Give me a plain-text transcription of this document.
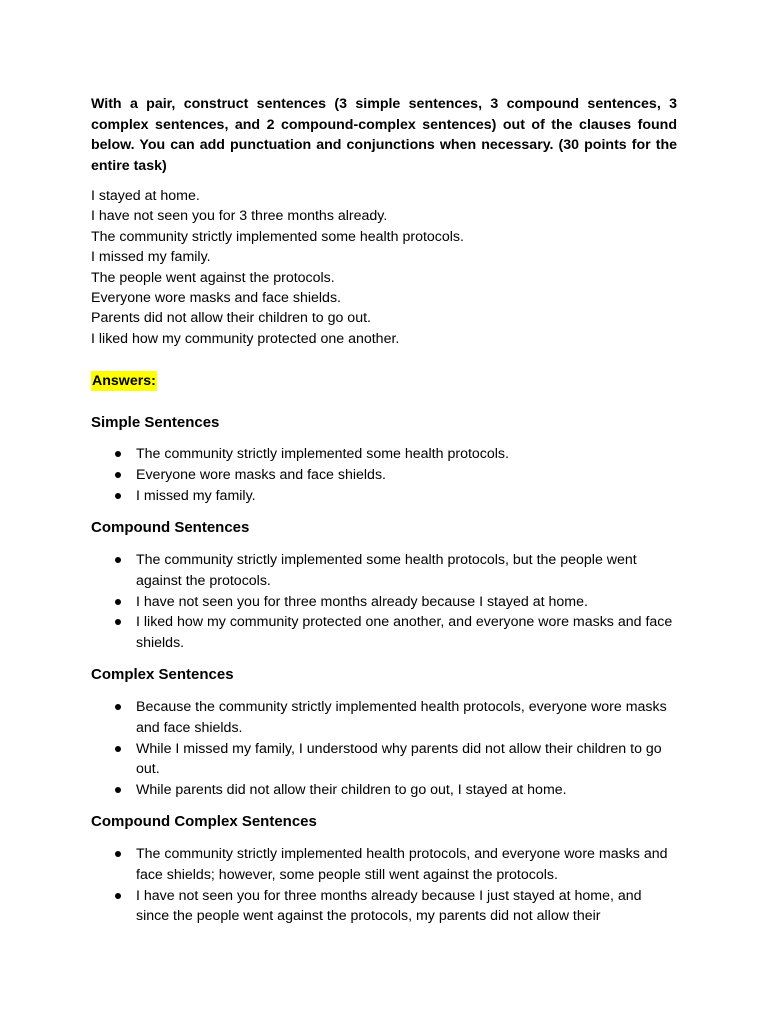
With a pair, construct sentences (3 simple sentences, 3 compound sentences, 3 complex sentences, and 2 compound-complex sentences) out of the clauses found below. You can add punctuation and conjunctions when necessary. (30 points for the entire task)

I stayed at home.
I have not seen you for 3 three months already.
The community strictly implemented some health protocols.
I missed my family.
The people went against the protocols.
Everyone wore masks and face shields.
Parents did not allow their children to go out.
I liked how my community protected one another.

Answers:

Simple Sentences
The community strictly implemented some health protocols.
Everyone wore masks and face shields.
I missed my family.
Compound Sentences
The community strictly implemented some health protocols, but the people went against the protocols.
I have not seen you for three months already because I stayed at home.
I liked how my community protected one another, and everyone wore masks and face shields.
Complex Sentences
Because the community strictly implemented health protocols, everyone wore masks and face shields.
While I missed my family, I understood why parents did not allow their children to go out.
While parents did not allow their children to go out, I stayed at home.
Compound Complex Sentences
The community strictly implemented health protocols, and everyone wore masks and face shields; however, some people still went against the protocols.
I have not seen you for three months already because I just stayed at home, and since the people went against the protocols, my parents did not allow their
